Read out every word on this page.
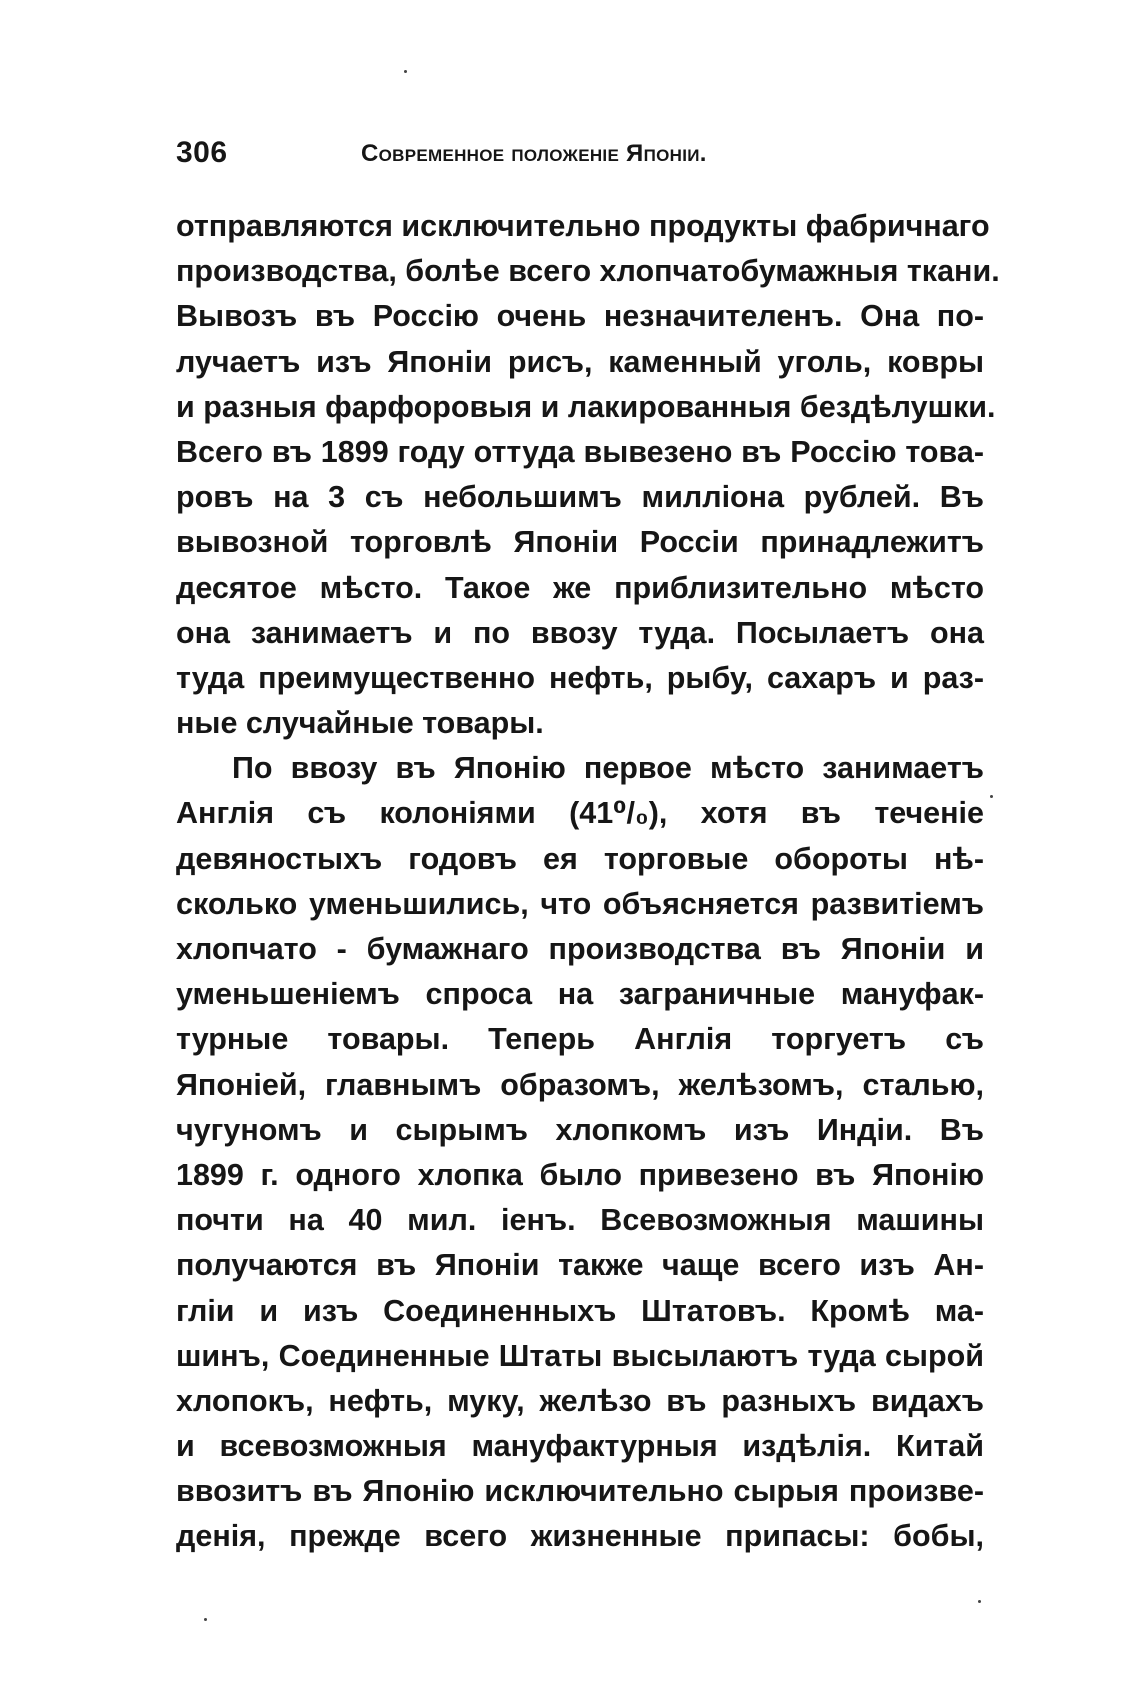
306	Современное положеніе Японіи.

отправляются исключительно продукты фабричнаго
производства, болѣе всего хлопчатобумажныя ткани.
Вывозъ въ Россію очень незначителенъ. Она по-
лучаетъ изъ Японіи рисъ, каменный уголь, ковры
и разныя фарфоровыя и лакированныя бездѣлушки.
Всего въ 1899 году оттуда вывезено въ Россію това-
ровъ на 3 съ небольшимъ милліона рублей. Въ
вывозной торговлѣ Японіи Россіи принадлежитъ
десятое мѣсто. Такое же приблизительно мѣсто
она занимаетъ и по ввозу туда. Посылаетъ она
туда преимущественно нефть, рыбу, сахаръ и раз-
ные случайные товары.

По ввозу въ Японію первое мѣсто занимаетъ
Англія съ колоніями (41⁰/₀), хотя въ теченіе
девяностыхъ годовъ ея торговые обороты нѣ-
сколько уменьшились, что объясняется развитіемъ
хлопчато - бумажнаго производства въ Японіи и
уменьшеніемъ спроса на заграничные мануфак-
турные товары. Теперь Англія торгуетъ съ
Японіей, главнымъ образомъ, желѣзомъ, сталью,
чугуномъ и сырымъ хлопкомъ изъ Индіи. Въ
1899 г. одного хлопка было привезено въ Японію
почти на 40 мил. іенъ. Всевозможныя машины
получаются въ Японіи также чаще всего изъ Ан-
гліи и изъ Соединенныхъ Штатовъ. Кромѣ ма-
шинъ, Соединенные Штаты высылаютъ туда сырой
хлопокъ, нефть, муку, желѣзо въ разныхъ видахъ
и всевозможныя мануфактурныя издѣлія. Китай
ввозитъ въ Японію исключительно сырыя произве-
денія, прежде всего жизненные припасы: бобы,
